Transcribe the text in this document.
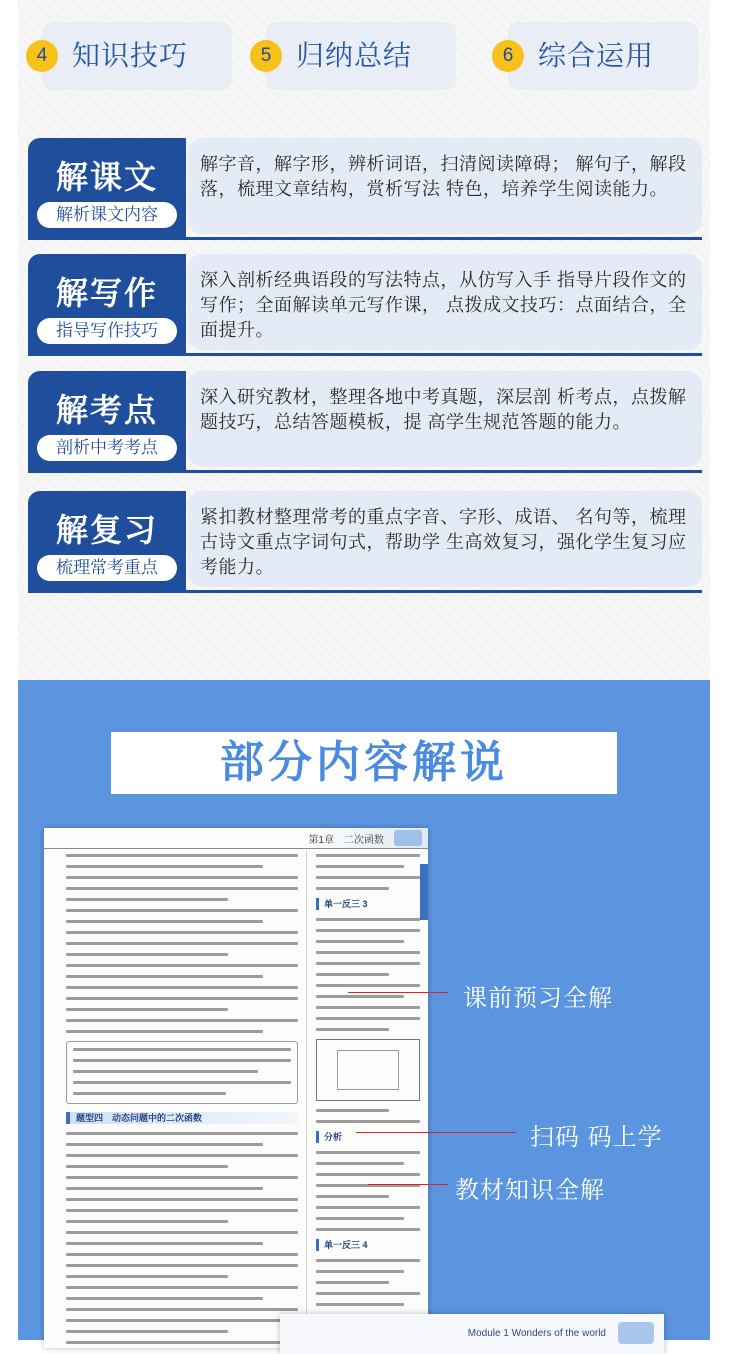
4 知识技巧	5 归纳总结	6 综合运用
解字音，解字形，辨析词语，扫清阅读障碍； 解句子，解段落，梳理文章结构，赏析写法 特色，培养学生阅读能力。
解课文
解析课文内容
深入剖析经典语段的写法特点，从仿写入手 指导片段作文的写作；全面解读单元写作课， 点拨成文技巧：点面结合，全面提升。
解写作
指导写作技巧
深入研究教材，整理各地中考真题，深层剖 析考点，点拨解题技巧，总结答题模板，提 高学生规范答题的能力。
解考点
剖析中考考点
紧扣教材整理常考的重点字音、字形、成语、 名句等，梳理古诗文重点字词句式，帮助学 生高效复习，强化学生复习应考能力。
解复习
梳理常考重点
部分内容解说
第1章　二次函数
题型四　动态问题中的二次函数
单一反三 3
分析
单一反三 4
Module 1 Wonders of the world
课前预习全解
扫码 码上学
教材知识全解
